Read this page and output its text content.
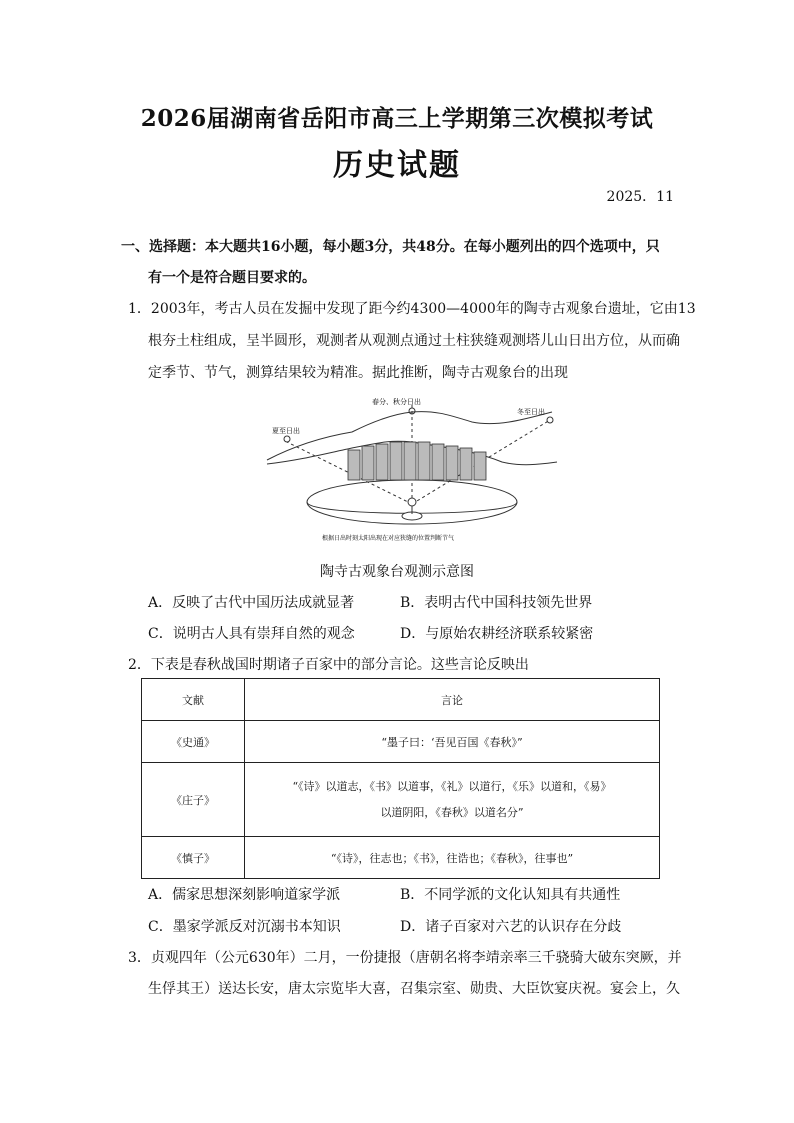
2026届湖南省岳阳市高三上学期第三次模拟考试
历史试题
2025．11
一、选择题：本大题共16小题，每小题3分，共48分。在每小题列出的四个选项中，只
有一个是符合题目要求的。
1．2003年，考古人员在发掘中发现了距今约4300—4000年的陶寺古观象台遗址，它由13
根夯土柱组成，呈半圆形，观测者从观测点通过土柱狭缝观测塔儿山日出方位，从而确
定季节、节气，测算结果较为精准。据此推断，陶寺古观象台的出现
夏至日出
春分、秋分日出
冬至日出
根据日出时刻太阳出现在对应狭缝的位置判断节气
陶寺古观象台观测示意图
A．反映了古代中国历法成就显著	B．表明古代中国科技领先世界
C．说明古人具有崇拜自然的观念	D．与原始农耕经济联系较紧密
2．下表是春秋战国时期诸子百家中的部分言论。这些言论反映出
文献	言论
《史通》	“墨子曰：‘吾见百国《春秋》”
《庄子》	“《诗》以道志，《书》以道事，《礼》以道行，《乐》以道和，《易》
以道阴阳，《春秋》以道名分”

《慎子》	“《诗》，往志也；《书》，往诰也；《春秋》，往事也”
A．儒家思想深刻影响道家学派	B．不同学派的文化认知具有共通性
C．墨家学派反对沉溺书本知识	D．诸子百家对六艺的认识存在分歧
3．贞观四年（公元630年）二月，一份捷报（唐朝名将李靖亲率三千骁骑大破东突厥，并
生俘其王）送达长安，唐太宗览毕大喜，召集宗室、勋贵、大臣饮宴庆祝。宴会上，久
